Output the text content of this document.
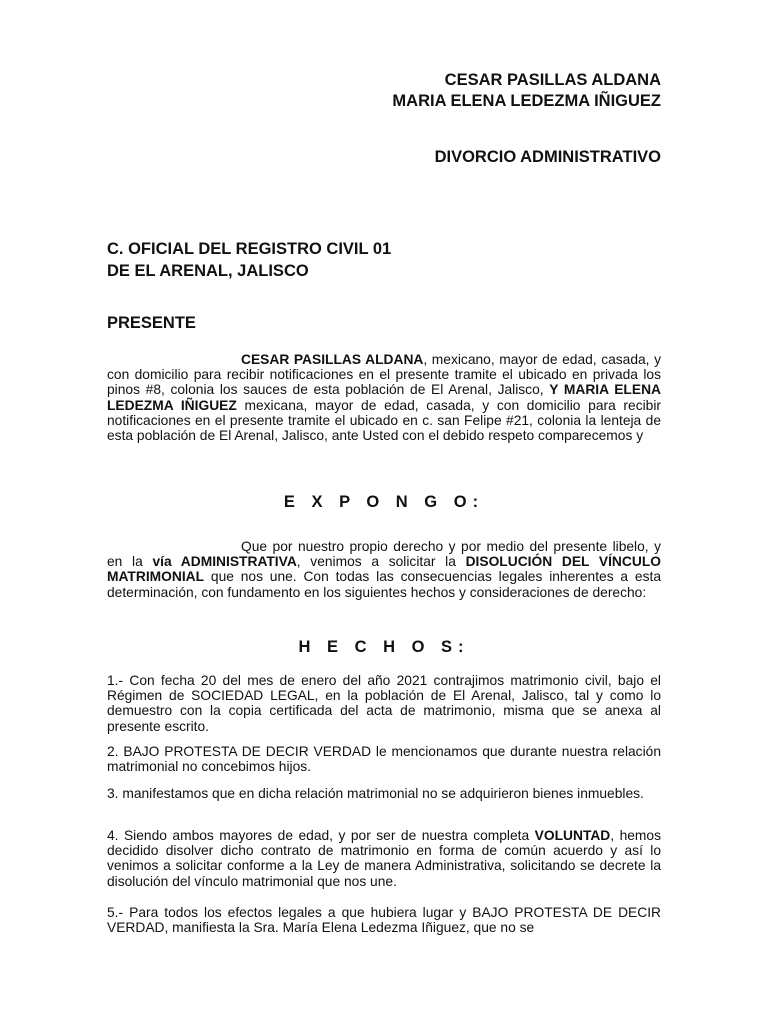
CESAR PASILLAS ALDANA
MARIA ELENA LEDEZMA IÑIGUEZ
DIVORCIO ADMINISTRATIVO
C. OFICIAL DEL REGISTRO CIVIL 01
DE EL ARENAL, JALISCO
PRESENTE

CESAR PASILLAS ALDANA, mexicano, mayor de edad, casada, y con domicilio para recibir notificaciones en el presente tramite el ubicado en privada los pinos #8, colonia los sauces de esta población de El Arenal, Jalisco, Y MARIA ELENA LEDEZMA IÑIGUEZ mexicana, mayor de edad, casada, y con domicilio para recibir notificaciones en el presente tramite el ubicado en c. san Felipe #21, colonia la lenteja de esta población de El Arenal, Jalisco, ante Usted con el debido respeto comparecemos y

E X P O N G O:

Que por nuestro propio derecho y por medio del presente libelo, y en la vía ADMINISTRATIVA, venimos a solicitar la DISOLUCIÓN DEL VÍNCULO MATRIMONIAL que nos une. Con todas las consecuencias legales inherentes a esta determinación, con fundamento en los siguientes hechos y consideraciones de derecho:

H E C H O S:

1.- Con fecha 20 del mes de enero del año 2021 contrajimos matrimonio civil, bajo el Régimen de SOCIEDAD LEGAL, en la población de El Arenal, Jalisco, tal y como lo demuestro con la copia certificada del acta de matrimonio, misma que se anexa al presente escrito.

2. BAJO PROTESTA DE DECIR VERDAD le mencionamos que durante nuestra relación matrimonial no concebimos hijos.

3. manifestamos que en dicha relación matrimonial no se adquirieron bienes inmuebles.

4. Siendo ambos mayores de edad, y por ser de nuestra completa VOLUNTAD, hemos decidido disolver dicho contrato de matrimonio en forma de común acuerdo y así lo venimos a solicitar conforme a la Ley de manera Administrativa, solicitando se decrete la disolución del vínculo matrimonial que nos une.

5.- Para todos los efectos legales a que hubiera lugar y BAJO PROTESTA DE DECIR VERDAD, manifiesta la Sra. María Elena Ledezma Iñiguez, que no se
